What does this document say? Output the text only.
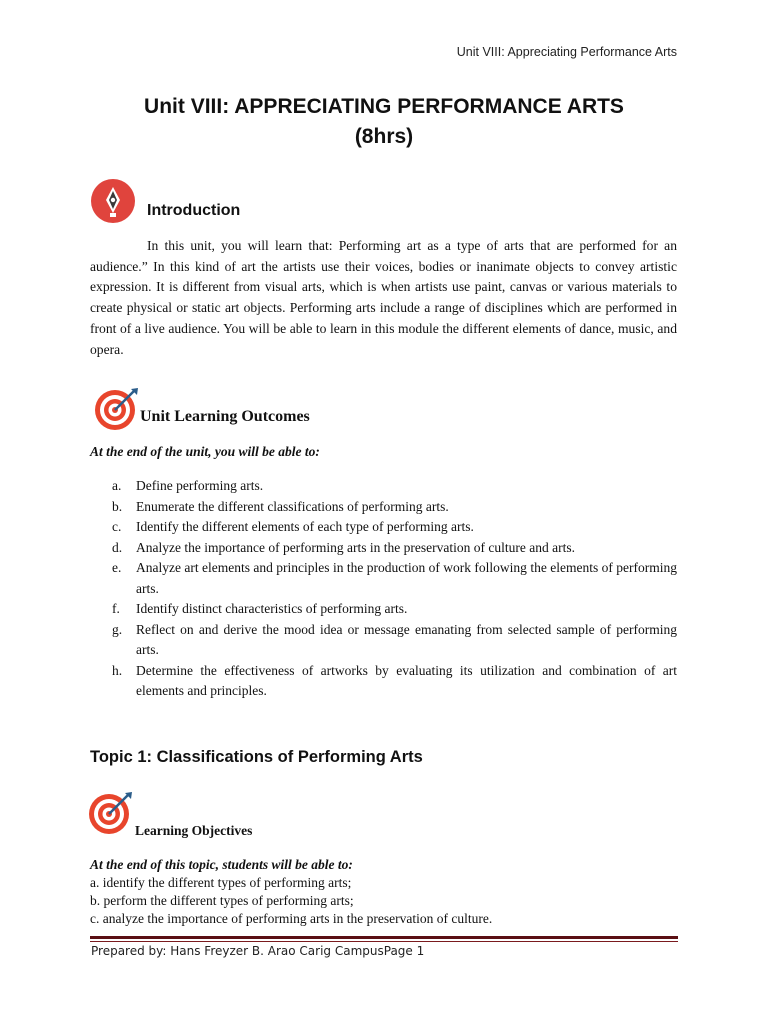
Unit VIII: Appreciating Performance Arts
Unit VIII: APPRECIATING PERFORMANCE ARTS
(8hrs)
Introduction
In this unit, you will learn that: Performing art as a type of arts that are performed for an audience.” In this kind of art the artists use their voices, bodies or inanimate objects to convey artistic expression. It is different from visual arts, which is when artists use paint, canvas or various materials to create physical or static art objects. Performing arts include a range of disciplines which are performed in front of a live audience. You will be able to learn in this module the different elements of dance, music, and opera.
Unit Learning Outcomes
At the end of the unit, you will be able to:
a. Define performing arts.
b. Enumerate the different classifications of performing arts.
c. Identify the different elements of each type of performing arts.
d. Analyze the importance of performing arts in the preservation of culture and arts.
e. Analyze art elements and principles in the production of work following the elements of performing arts.
f. Identify distinct characteristics of performing arts.
g. Reflect on and derive the mood idea or message emanating from selected sample of performing arts.
h. Determine the effectiveness of artworks by evaluating its utilization and combination of art elements and principles.
Topic 1: Classifications of Performing Arts
Learning Objectives
At the end of this topic, students will be able to:
a. identify the different types of performing arts;
b. perform the different types of performing arts;
c. analyze the importance of performing arts in the preservation of culture.
Prepared by: Hans Freyzer B. Arao Carig CampusPage 1
